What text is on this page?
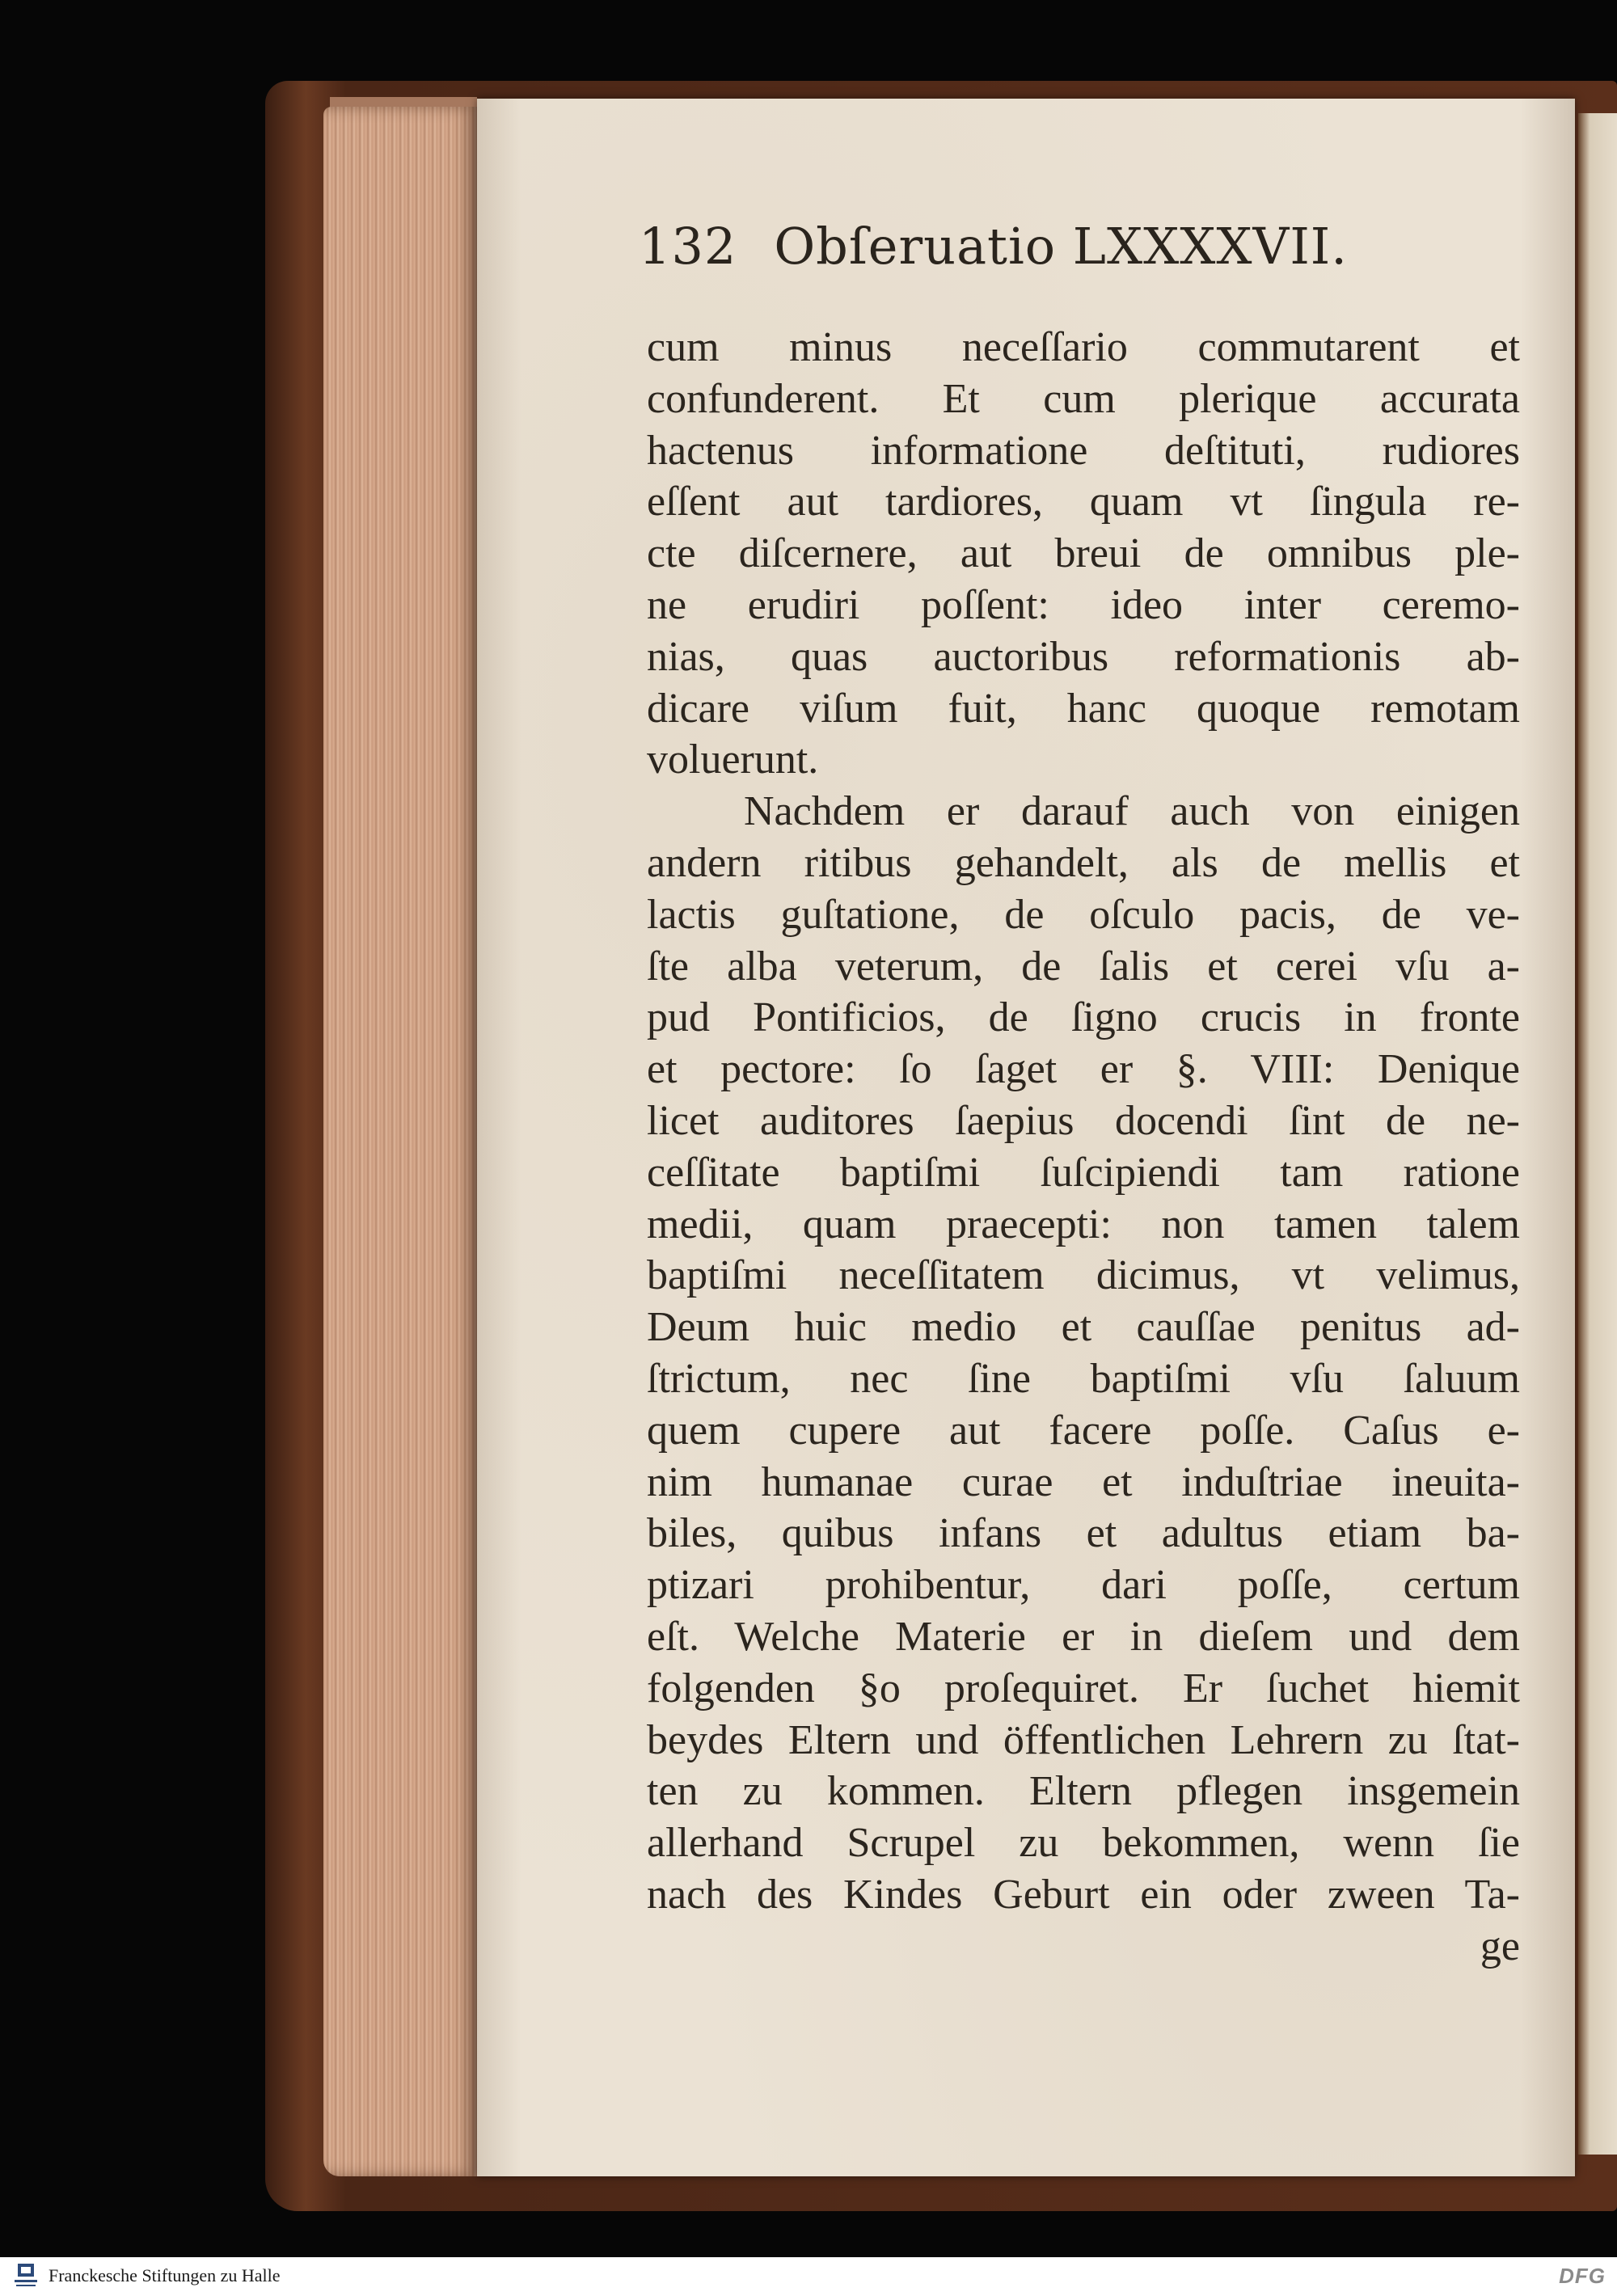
132 Obſeruatio LXXXXVII.
cum minus neceſſario commutarent et
confunderent. Et cum plerique accurata
hactenus informatione deſtituti, rudiores
eſſent aut tardiores, quam vt ſingula re-
cte diſcernere, aut breui de omnibus ple-
ne erudiri poſſent: ideo inter ceremo-
nias, quas auctoribus reformationis ab-
dicare viſum fuit, hanc quoque remotam
voluerunt.
Nachdem er darauf auch von einigen
andern ritibus gehandelt, als de mellis et
lactis guſtatione, de oſculo pacis, de ve-
ſte alba veterum, de ſalis et cerei vſu a-
pud Pontificios, de ſigno crucis in fronte
et pectore: ſo ſaget er §. VIII: Denique
licet auditores ſaepius docendi ſint de ne-
ceſſitate baptiſmi ſuſcipiendi tam ratione
medii, quam praecepti: non tamen talem
baptiſmi neceſſitatem dicimus, vt velimus,
Deum huic medio et cauſſae penitus ad-
ſtrictum, nec ſine baptiſmi vſu ſaluum
quem cupere aut facere poſſe. Caſus e-
nim humanae curae et induſtriae ineuita-
biles, quibus infans et adultus etiam ba-
ptizari prohibentur, dari poſſe, certum
eſt. Welche Materie er in dieſem und dem
folgenden §o proſequiret. Er ſuchet hiemit
beydes Eltern und öffentlichen Lehrern zu ſtat-
ten zu kommen. Eltern pflegen insgemein
allerhand Scrupel zu bekommen, wenn ſie
nach des Kindes Geburt ein oder zween Ta-
ge
Franckesche Stiftungen zu Halle	DFG
